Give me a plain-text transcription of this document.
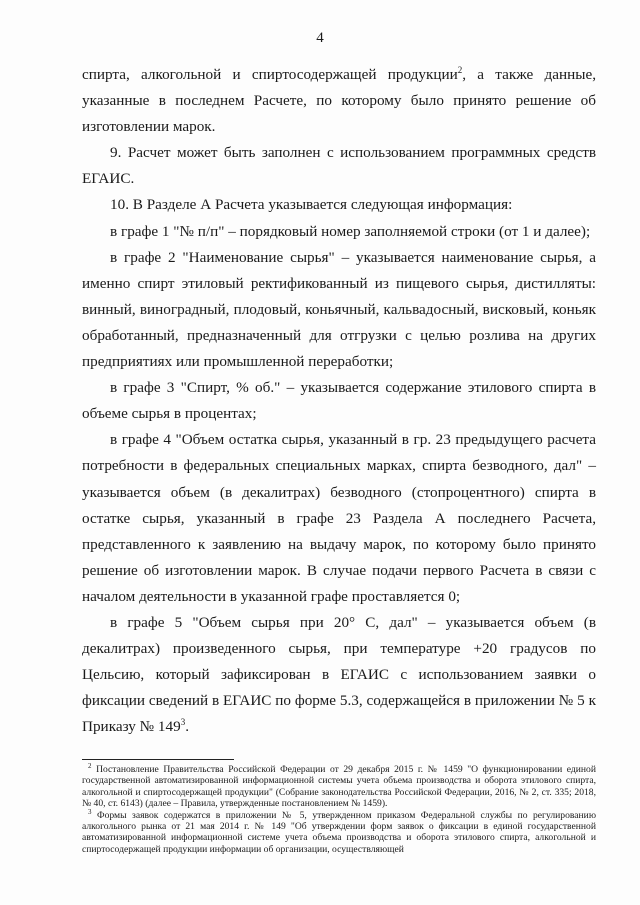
4

спирта, алкогольной и спиртосодержащей продукции$^2$, а также данные, указанные в последнем Расчете, по которому было принято решение об изготовлении марок.

9. Расчет может быть заполнен с использованием программных средств ЕГАИС.

10. В Разделе А Расчета указывается следующая информация:

в графе 1 "№ п/п" – порядковый номер заполняемой строки (от 1 и далее);

в графе 2 "Наименование сырья" – указывается наименование сырья, а именно спирт этиловый ректификованный из пищевого сырья, дистилляты: винный, виноградный, плодовый, коньячный, кальвадосный, висковый, коньяк обработанный, предназначенный для отгрузки с целью розлива на других предприятиях или промышленной переработки;

в графе 3 "Спирт, % об." – указывается содержание этилового спирта в объеме сырья в процентах;

в графе 4 "Объем остатка сырья, указанный в гр. 23 предыдущего расчета потребности в федеральных специальных марках, спирта безводного, дал" – указывается объем (в декалитрах) безводного (стопроцентного) спирта в остатке сырья, указанный в графе 23 Раздела А последнего Расчета, представленного к заявлению на выдачу марок, по которому было принято решение об изготовлении марок. В случае подачи первого Расчета в связи с началом деятельности в указанной графе проставляется 0;

в графе 5 "Объем сырья при 20° С, дал" – указывается объем (в декалитрах) произведенного сырья, при температуре +20 градусов по Цельсию, который зафиксирован в ЕГАИС с использованием заявки о фиксации сведений в ЕГАИС по форме 5.3, содержащейся в приложении № 5 к Приказу № $149^3$.

$^2$ Постановление Правительства Российской Федерации от 29 декабря 2015 г. № 1459 "О функционировании единой государственной автоматизированной информационной системы учета объема производства и оборота этилового спирта, алкогольной и спиртосодержащей продукции" (Собрание законодательства Российской Федерации, 2016, № 2, ст. 335; 2018, № 40, ст. 6143) (далее – Правила, утвержденные постановлением № 1459).

$^3$ Формы заявок содержатся в приложении № 5, утвержденном приказом Федеральной службы по регулированию алкогольного рынка от 21 мая 2014 г. № 149 "Об утверждении форм заявок о фиксации в единой государственной автоматизированной информационной системе учета объема производства и оборота этилового спирта, алкогольной и спиртосодержащей продукции информации об организации, осуществляющей
